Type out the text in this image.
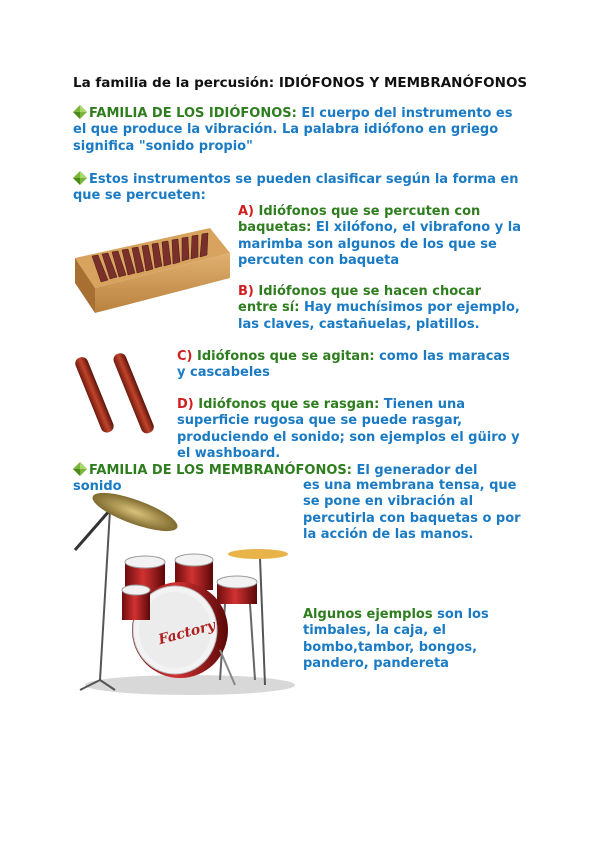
La familia de la percusión: IDIÓFONOS Y MEMBRANÓFONOS
FAMILIA DE LOS IDIÓFONOS: El cuerpo del instrumento es el que produce la vibración. La palabra idiófono en griego significa "sonido propio"
Estos instrumentos se pueden clasificar según la forma en que se percueten:
A) Idiófonos que se percuten con baquetas: El xilófono, el vibrafono y la marimba son algunos de los que se percuten con baqueta
B) Idiófonos que se hacen chocar entre sí: Hay muchísimos por ejemplo, las claves, castañuelas, platillos.
C) Idiófonos que se agitan: como las maracas y cascabeles
D) Idiófonos que se rasgan: Tienen una superficie rugosa que se puede rasgar, produciendo el sonido; son ejemplos el güiro y el washboard.
FAMILIA DE LOS MEMBRANÓFONOS: El generador del sonido	es una membrana tensa, que se pone en vibración al percutirla con baquetas o por la acción de las manos.
Factory
Algunos ejemplos son los timbales, la caja, el bombo,tambor, bongos, pandero, pandereta
